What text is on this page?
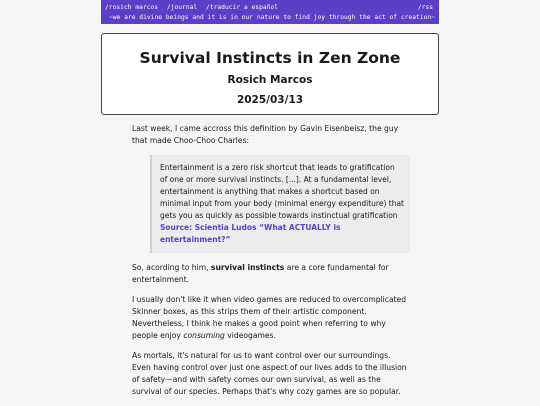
/rosich marcos /journal /traducir a español	/rss
~we are divine beings and it is in our nature to find joy through the act of creation~
Survival Instincts in Zen Zone
Rosich Marcos
2025/03/13

Last week, I came accross this definition by Gavin Eisenbeisz, the guy that made Choo-Choo Charles:

Entertainment is a zero risk shortcut that leads to gratification of one or more survival instincts. [...]. At a fundamental level, entertainment is anything that makes a shortcut based on minimal input from your body (minimal energy expenditure) that gets you as quickly as possible towards instinctual gratification Source: Scientia Ludos “What ACTUALLY is entertainment?”

So, acording to him, survival instincts are a core fundamental for entertainment.

I usually don't like it when video games are reduced to overcomplicated Skinner boxes, as this strips them of their artistic component. Nevertheless, I think he makes a good point when referring to why people enjoy consuming videogames.

As mortals, it's natural for us to want control over our surroundings. Even having control over just one aspect of our lives adds to the illusion of safety—and with safety comes our own survival, as well as the survival of our species. Perhaps that's why cozy games are so popular.
